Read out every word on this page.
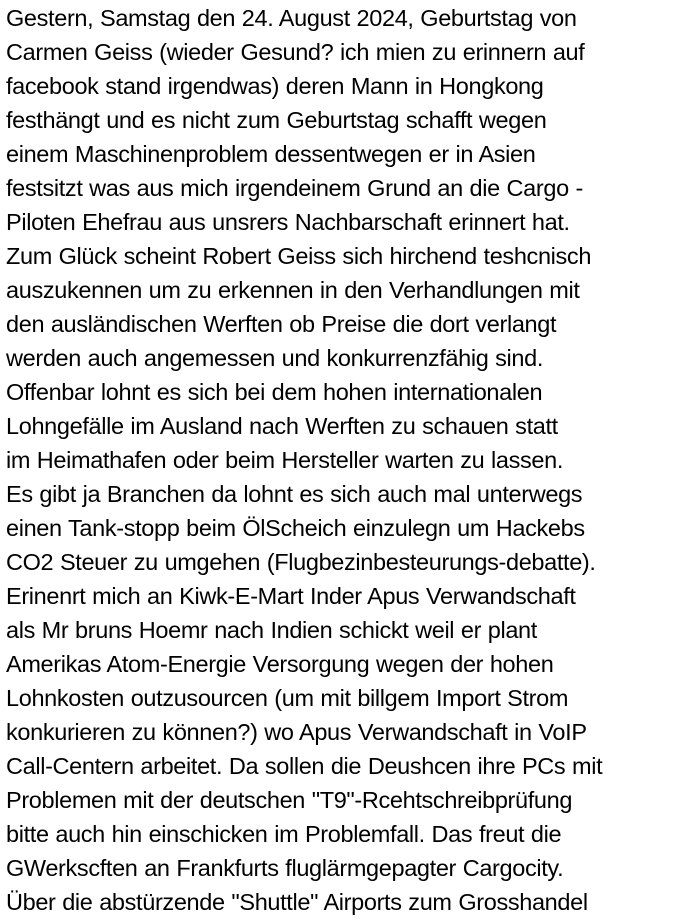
Gestern, Samstag den 24. August 2024, Geburtstag von
Carmen Geiss (wieder Gesund? ich mien zu erinnern auf
facebook stand irgendwas) deren Mann in Hongkong
festhängt und es nicht zum Geburtstag schafft wegen
einem Maschinenproblem dessentwegen er in Asien
festsitzt was aus mich irgendeinem Grund an die Cargo -
Piloten Ehefrau aus unsrers Nachbarschaft erinnert hat.
Zum Glück scheint Robert Geiss sich hirchend teshcnisch
auszukennen um zu erkennen in den Verhandlungen mit
den ausländischen Werften ob Preise die dort verlangt
werden auch angemessen und konkurrenzfähig sind.
Offenbar lohnt es sich bei dem hohen internationalen
Lohngefälle im Ausland nach Werften zu schauen statt
im Heimathafen oder beim Hersteller warten zu lassen.
Es gibt ja Branchen da lohnt es sich auch mal unterwegs
einen Tank-stopp beim ÖlScheich einzulegn um Hackebs
CO2 Steuer zu umgehen (Flugbezinbesteurungs-debatte).
Erinenrt mich an Kiwk-E-Mart Inder Apus Verwandschaft
als Mr bruns Hoemr nach Indien schickt weil er plant
Amerikas Atom-Energie Versorgung wegen der hohen
Lohnkosten outzusourcen (um mit billgem Import Strom
konkurieren zu können?) wo Apus Verwandschaft in VoIP
Call-Centern arbeitet. Da sollen die Deushcen ihre PCs mit
Problemen mit der deutschen "T9"-Rcehtschreibprüfung
bitte auch hin einschicken im Problemfall. Das freut die
GWerkscften an Frankfurts fluglärmgepagter Cargocity.
Über die abstürzende "Shuttle" Airports zum Grosshandel
